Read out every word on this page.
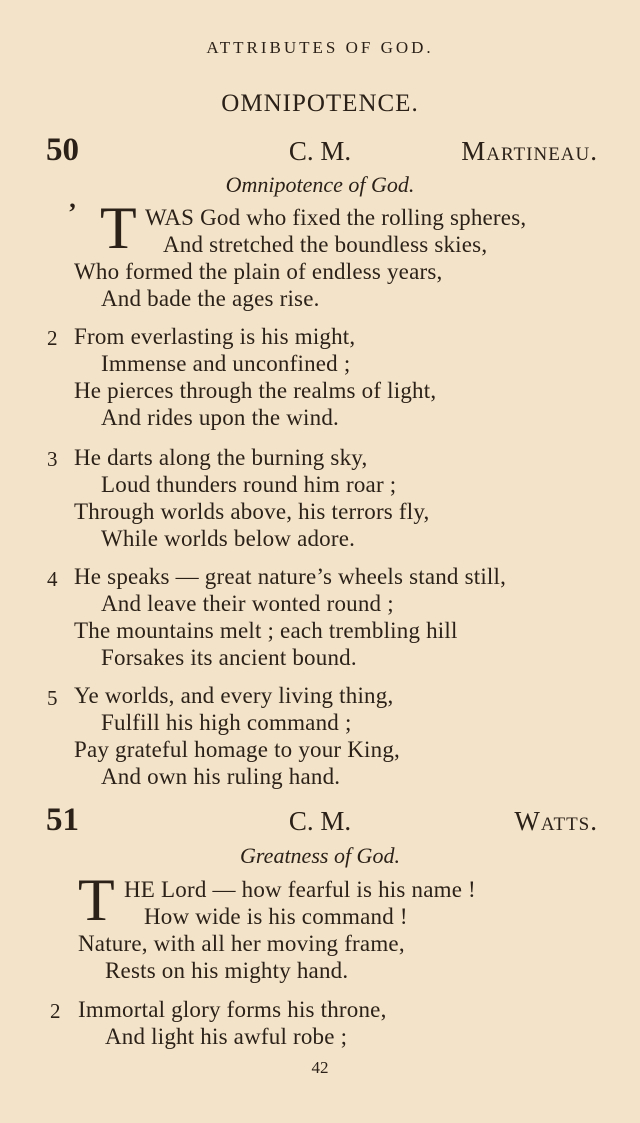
ATTRIBUTES OF GOD.
OMNIPOTENCE.
50	C. M.	Martineau.
Omnipotence of God.
’ T WAS God who fixed the rolling spheres,
And stretched the boundless skies,
Who formed the plain of endless years,
And bade the ages rise.
2 From everlasting is his might,
Immense and unconfined ;
He pierces through the realms of light,
And rides upon the wind.
3 He darts along the burning sky,
Loud thunders round him roar ;
Through worlds above, his terrors fly,
While worlds below adore.
4 He speaks — great nature’s wheels stand still,
And leave their wonted round ;
The mountains melt ; each trembling hill
Forsakes its ancient bound.
5 Ye worlds, and every living thing,
Fulfill his high command ;
Pay grateful homage to your King,
And own his ruling hand.
51	C. M.	Watts.
Greatness of God.
T HE Lord — how fearful is his name !
How wide is his command !
Nature, with all her moving frame,
Rests on his mighty hand.
2 Immortal glory forms his throne,
And light his awful robe ;
42
